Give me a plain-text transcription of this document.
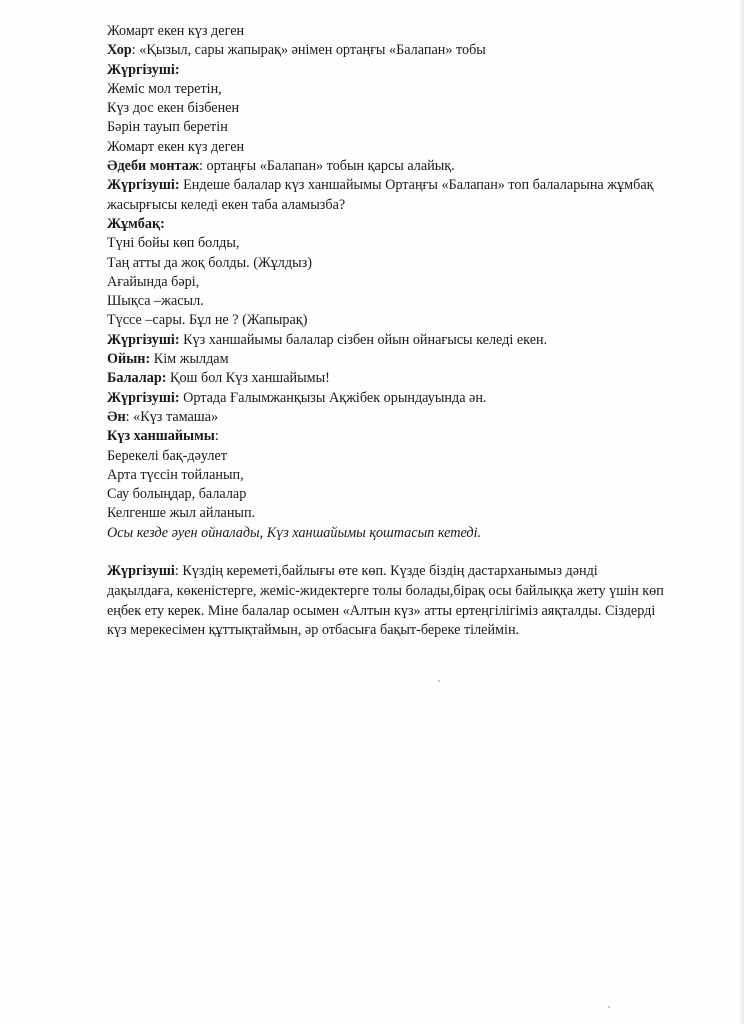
Жомарт екен күз деген

Хор: «Қызыл, сары жапырақ» әнімен ортаңғы «Балапан» тобы

Жүргізуші:

Жеміс мол теретін,

Күз дос екен бізбенен

Бәрін тауып беретін

Жомарт екен күз деген

Әдеби монтаж: ортаңғы «Балапан» тобын қарсы алайық.

Жүргізуші: Ендеше балалар күз ханшайымы Ортаңғы «Балапан» топ балаларына жұмбақ жасырғысы келеді екен таба аламызба?

Жұмбақ:

Түні бойы көп болды,

Таң атты да жоқ болды. (Жұлдыз)

Ағайында бәрі,

Шықса –жасыл.

Түссе –сары. Бұл не ? (Жапырақ)

Жүргізуші: Күз ханшайымы балалар сізбен ойын ойнағысы келеді екен.

Ойын: Кім жылдам

Балалар: Қош бол Күз ханшайымы!

Жүргізуші: Ортада Ғалымжанқызы Ақжібек орындауында ән.

Ән: «Күз тамаша»

Күз ханшайымы:

Берекелі бақ-дәулет

Арта түссін тойланып,

Сау болыңдар, балалар

Келгенше жыл айланып.

Осы кезде әуен ойналады, Күз ханшайымы қоштасып кетеді.

Жүргізуші: Күздің кереметі,байлығы өте көп. Күзде біздің дастарханымыз дәнді дақылдаға, көкеністерге, жеміс-жидектерге толы болады,бірақ осы байлыққа жету үшін көп еңбек ету керек. Міне балалар осымен «Алтын күз» атты ертеңгілігіміз аяқталды. Сіздерді күз мерекесімен құттықтаймын, әр отбасыға бақыт-береке тілеймін.
